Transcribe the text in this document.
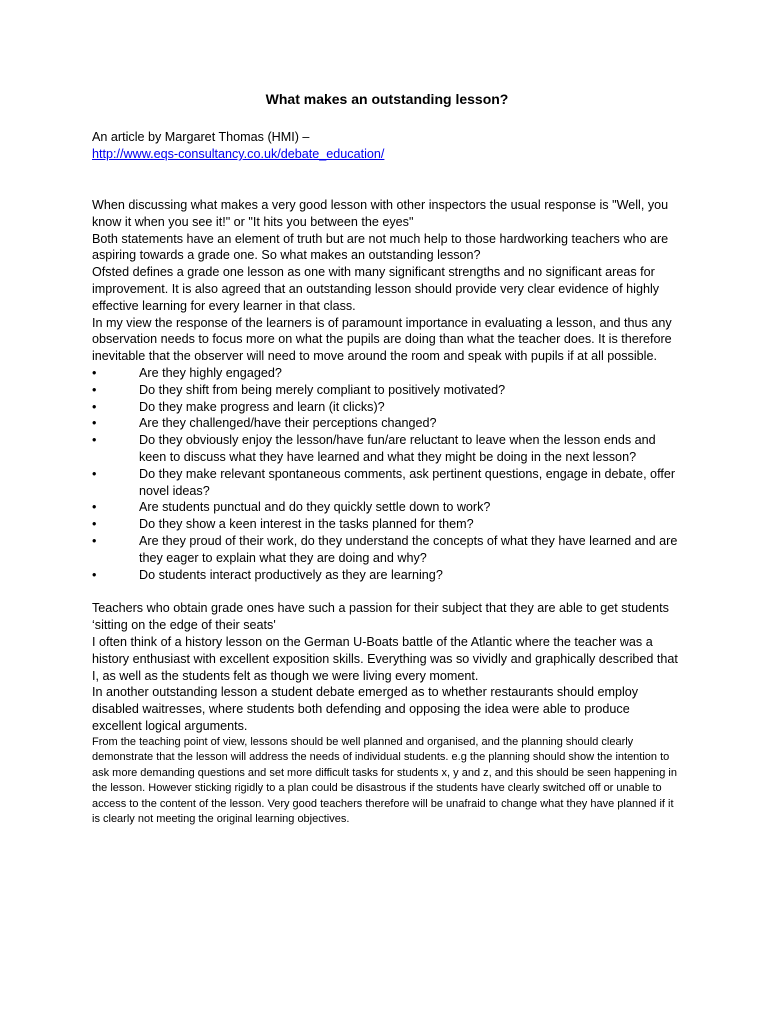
What makes an outstanding lesson?

An article by Margaret Thomas (HMI) –

http://www.eqs-consultancy.co.uk/debate_education/

When discussing what makes a very good lesson with other inspectors the usual response is "Well, you know it when you see it!" or "It hits you between the eyes"

Both statements have an element of truth but are not much help to those hardworking teachers who are aspiring towards a grade one. So what makes an outstanding lesson?

Ofsted defines a grade one lesson as one with many significant strengths and no significant areas for improvement. It is also agreed that an outstanding lesson should provide very clear evidence of highly effective learning for every learner in that class.

In my view the response of the learners is of paramount importance in evaluating a lesson, and thus any observation needs to focus more on what the pupils are doing than what the teacher does. It is therefore inevitable that the observer will need to move around the room and speak with pupils if at all possible.

•	Are they highly engaged?
•	Do they shift from being merely compliant to positively motivated?
•	Do they make progress and learn (it clicks)?
•	Are they challenged/have their perceptions changed?
•	Do they obviously enjoy the lesson/have fun/are reluctant to leave when the lesson ends and keen to discuss what they have learned and what they might be doing in the next lesson?
•	Do they make relevant spontaneous comments, ask pertinent questions, engage in debate, offer novel ideas?
•	Are students punctual and do they quickly settle down to work?
•	Do they show a keen interest in the tasks planned for them?
•	Are they proud of their work, do they understand the concepts of what they have learned and are they eager to explain what they are doing and why?
•	Do students interact productively as they are learning?

Teachers who obtain grade ones have such a passion for their subject that they are able to get students ‘sitting on the edge of their seats'

I often think of a history lesson on the German U-Boats battle of the Atlantic where the teacher was a history enthusiast with excellent exposition skills. Everything was so vividly and graphically described that I, as well as the students felt as though we were living every moment.

In another outstanding lesson a student debate emerged as to whether restaurants should employ disabled waitresses, where students both defending and opposing the idea were able to produce excellent logical arguments.

From the teaching point of view, lessons should be well planned and organised, and the planning should clearly demonstrate that the lesson will address the needs of individual students. e.g the planning should show the intention to ask more demanding questions and set more difficult tasks for students x, y and z, and this should be seen happening in the lesson. However sticking rigidly to a plan could be disastrous if the students have clearly switched off or unable to access to the content of the lesson. Very good teachers therefore will be unafraid to change what they have planned if it is clearly not meeting the original learning objectives.
